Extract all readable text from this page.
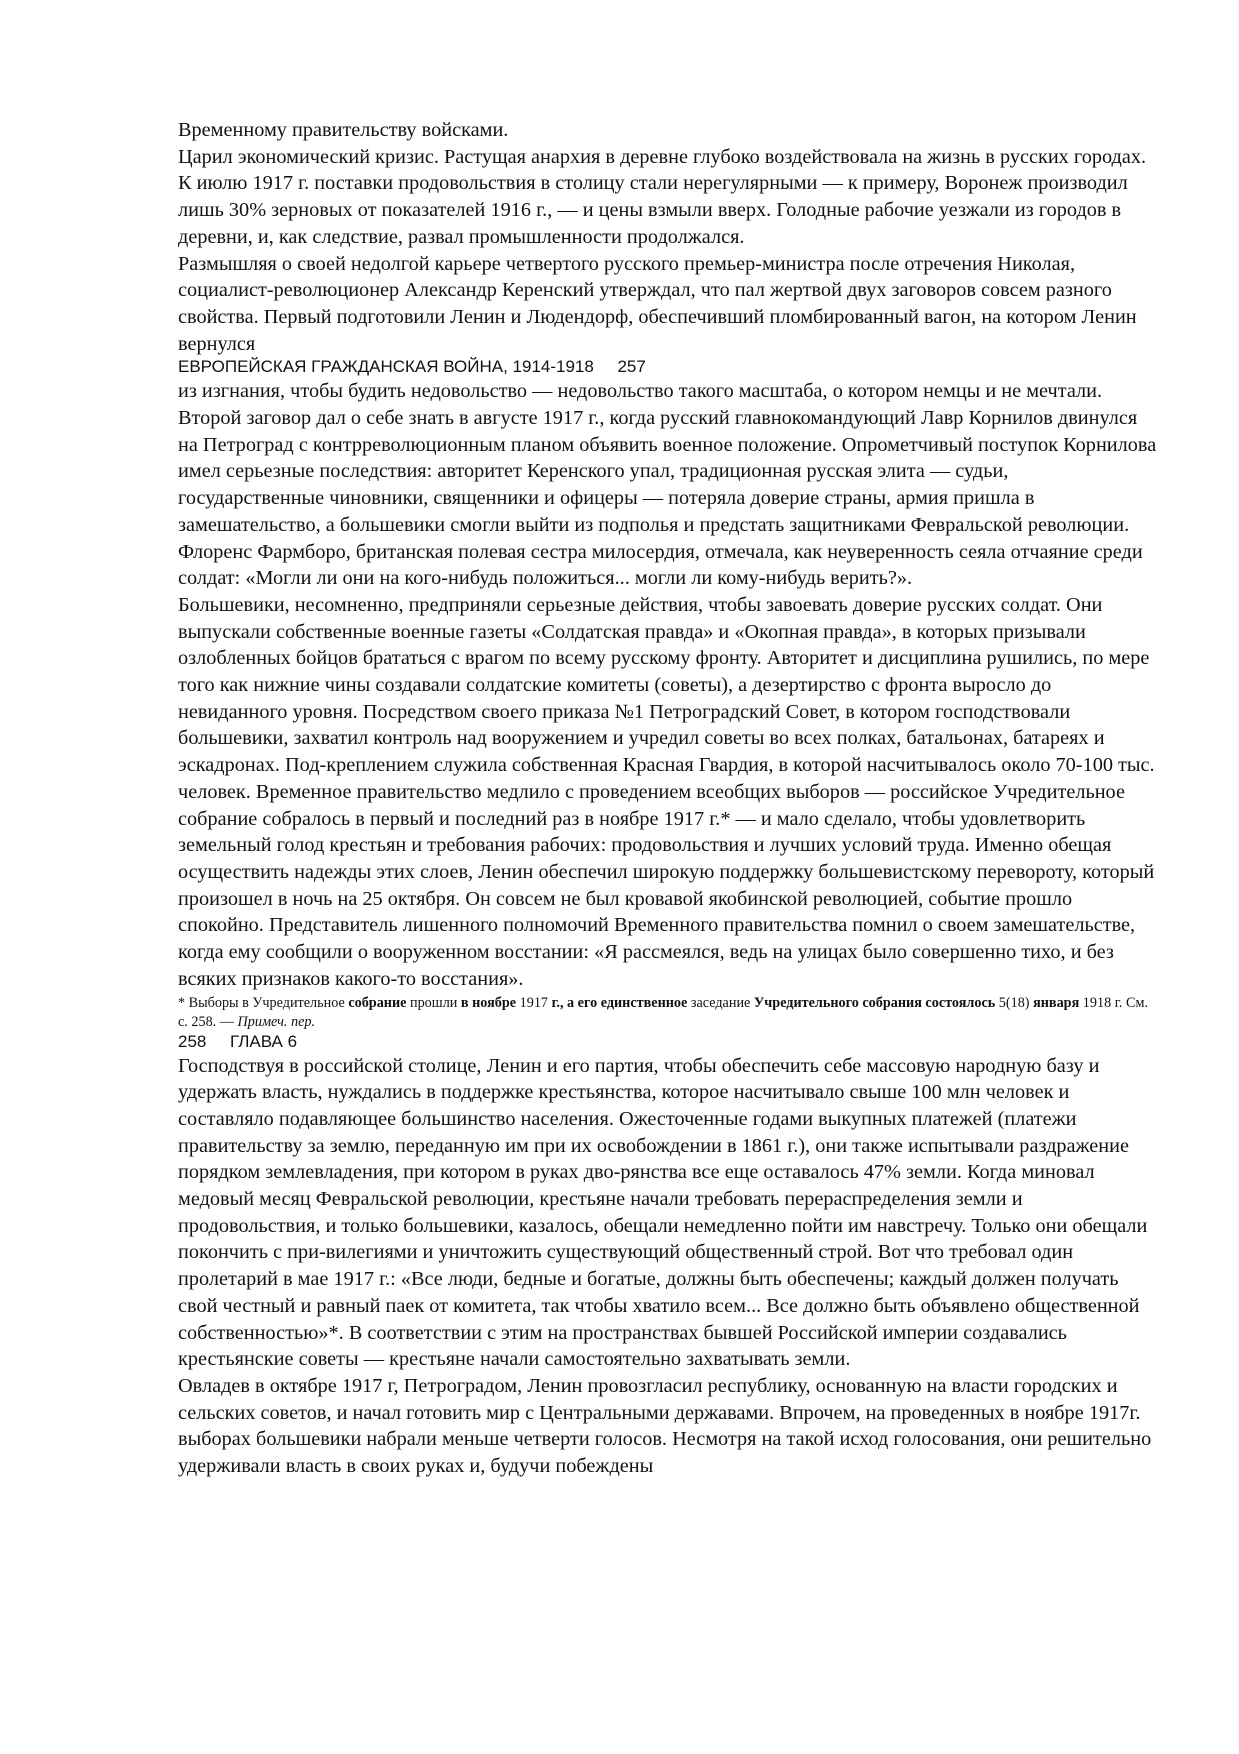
Временному правительству войсками.

Царил экономический кризис. Растущая анархия в деревне глубоко воздействовала на жизнь в русских городах. К июлю 1917 г. поставки продовольствия в столицу стали нерегулярными — к примеру, Воронеж производил лишь 30% зерновых от показателей 1916 г., — и цены взмыли вверх. Голодные рабочие уезжали из городов в деревни, и, как следствие, развал промышленности продолжался.

Размышляя о своей недолгой карьере четвертого русского премьер-министра после отречения Николая, социалист-революционер Александр Керенский утверждал, что пал жертвой двух заговоров совсем разного свойства. Первый подготовили Ленин и Людендорф, обеспечивший пломбированный вагон, на котором Ленин вернулся

ЕВРОПЕЙСКАЯ ГРАЖДАНСКАЯ ВОЙНА, 1914-1918 257

из изгнания, чтобы будить недовольство — недовольство такого масштаба, о котором немцы и не мечтали. Второй заговор дал о себе знать в августе 1917 г., когда русский главнокомандующий Лавр Корнилов двинулся на Петроград с контрреволюционным планом объявить военное положение. Опрометчивый поступок Корнилова имел серьезные последствия: авторитет Керенского упал, традиционная русская элита — судьи, государственные чиновники, священники и офицеры — потеряла доверие страны, армия пришла в замешательство, а большевики смогли выйти из подполья и предстать защитниками Февральской революции. Флоренс Фармборо, британская полевая сестра милосердия, отмечала, как неуверенность сеяла отчаяние среди солдат: «Могли ли они на кого-нибудь положиться... могли ли кому-нибудь верить?».

Большевики, несомненно, предприняли серьезные действия, чтобы завоевать доверие русских солдат. Они выпускали собственные военные газеты «Солдатская правда» и «Окопная правда», в которых призывали озлобленных бойцов брататься с врагом по всему русскому фронту. Авторитет и дисциплина рушились, по мере того как нижние чины создавали солдатские комитеты (советы), а дезертирство с фронта выросло до невиданного уровня. Посредством своего приказа №1 Петроградский Совет, в котором господствовали большевики, захватил контроль над вооружением и учредил советы во всех полках, батальонах, батареях и эскадронах. Под-креплением служила собственная Красная Гвардия, в которой насчитывалось около 70-100 тыс. человек. Временное правительство медлило с проведением всеобщих выборов — российское Учредительное собрание собралось в первый и последний раз в ноябре 1917 г.* — и мало сделало, чтобы удовлетворить земельный голод крестьян и требования рабочих: продовольствия и лучших условий труда. Именно обещая осуществить надежды этих слоев, Ленин обеспечил широкую поддержку большевистскому перевороту, который произошел в ночь на 25 октября. Он совсем не был кровавой якобинской революцией, событие прошло спокойно. Представитель лишенного полномочий Временного правительства помнил о своем замешательстве, когда ему сообщили о вооруженном восстании: «Я рассмеялся, ведь на улицах было совершенно тихо, и без всяких признаков какого-то восстания».

* Выборы в Учредительное собрание прошли в ноябре 1917 г., а его единственное заседание Учредительного собрания состоялось 5(18) января 1918 г. См. с. 258. — Примеч. пер.

258 ГЛАВА 6

Господствуя в российской столице, Ленин и его партия, чтобы обеспечить себе массовую народную базу и удержать власть, нуждались в поддержке крестьянства, которое насчитывало свыше 100 млн человек и составляло подавляющее большинство населения. Ожесточенные годами выкупных платежей (платежи правительству за землю, переданную им при их освобождении в 1861 г.), они также испытывали раздражение порядком землевладения, при котором в руках дво-рянства все еще оставалось 47% земли. Когда миновал медовый месяц Февральской революции, крестьяне начали требовать перераспределения земли и продовольствия, и только большевики, казалось, обещали немедленно пойти им навстречу. Только они обещали покончить с при-вилегиями и уничтожить существующий общественный строй. Вот что требовал один пролетарий в мае 1917 г.: «Все люди, бедные и богатые, должны быть обеспечены; каждый должен получать свой честный и равный паек от комитета, так чтобы хватило всем... Все должно быть объявлено общественной собственностью»*. В соответствии с этим на пространствах бывшей Российской империи создавались крестьянские советы — крестьяне начали самостоятельно захватывать земли.

Овладев в октябре 1917 г, Петроградом, Ленин провозгласил республику, основанную на власти городских и сельских советов, и начал готовить мир с Центральными державами. Впрочем, на проведенных в ноябре 1917г. выборах большевики набрали меньше четверти голосов. Несмотря на такой исход голосования, они решительно удерживали власть в своих руках и, будучи побеждены
